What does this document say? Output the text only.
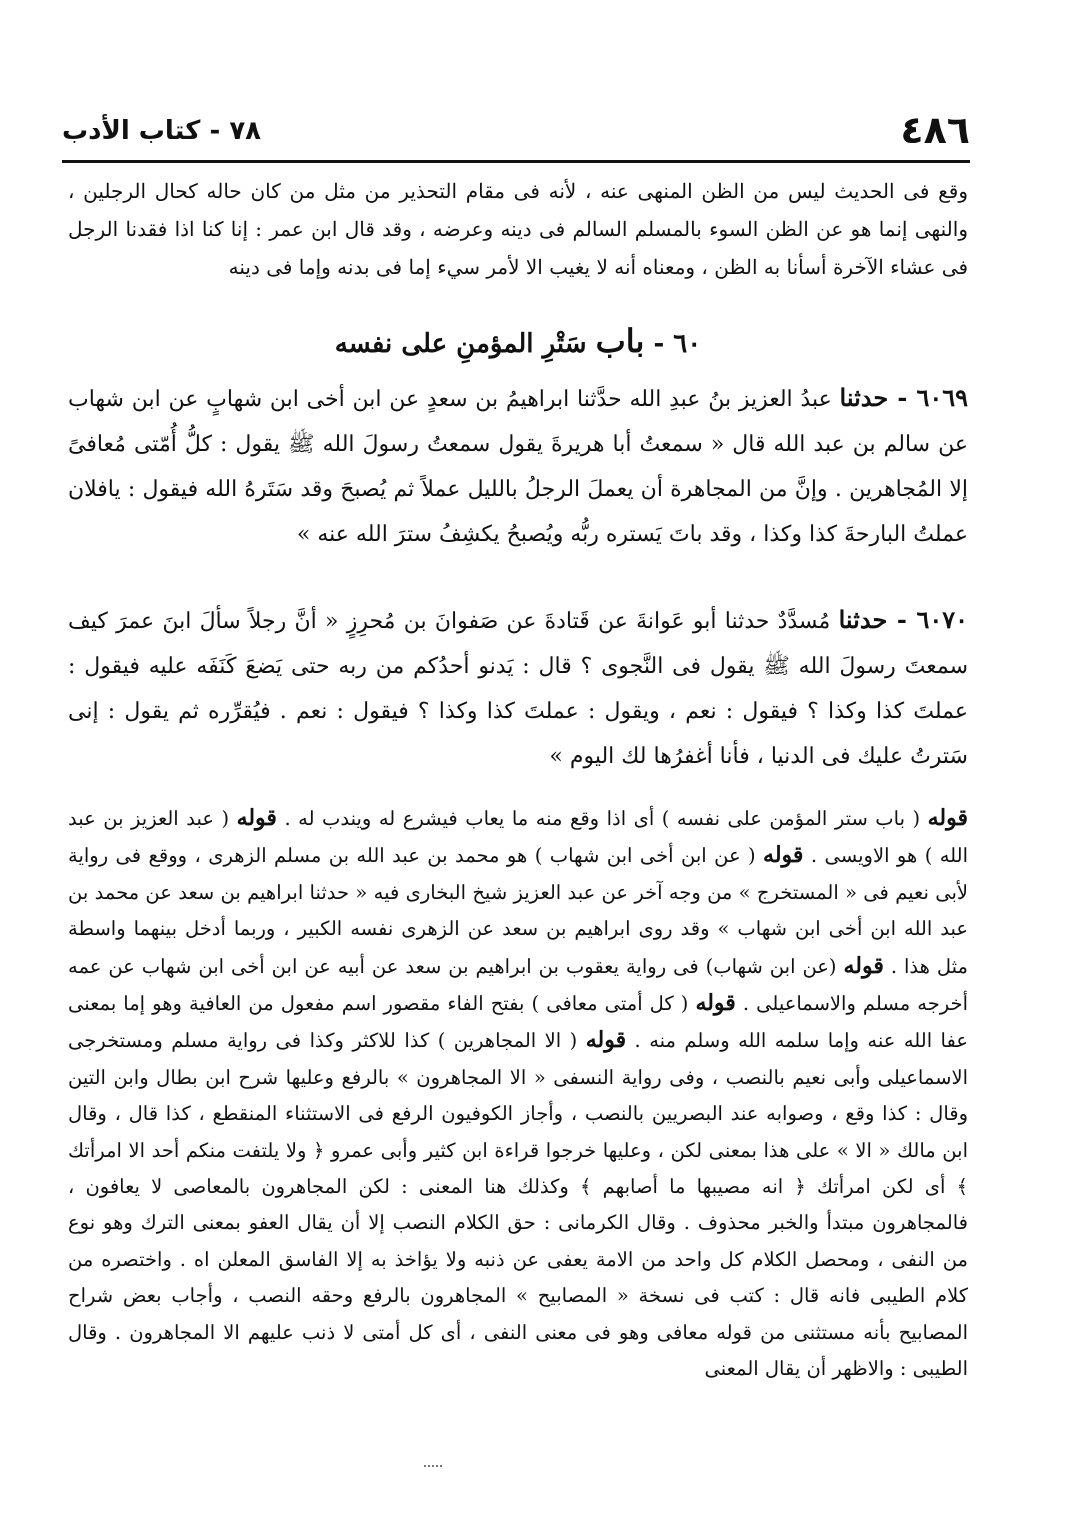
٤٨٦
٧٨ - كتاب الأدب
وقع فى الحديث ليس من الظن المنهى عنه ، لأنه فى مقام التحذير من مثل من كان حاله كحال الرجلين ، والنهى إنما هو عن الظن السوء بالمسلم السالم فى دينه وعرضه ، وقد قال ابن عمر : إنا كنا اذا فقدنا الرجل فى عشاء الآخرة أسأنا به الظن ، ومعناه أنه لا يغيب الا لأمر سيء إما فى بدنه وإما فى دينه
٦٠ - باب سَتْرِ المؤمنِ على نفسه
٦٠٦٩ - حدثنا عبدُ العزيز بنُ عبدِ الله حدَّثنا ابراهيمُ بن سعدٍ عن ابن أخى ابن شهابٍ عن ابن شهاب عن سالم بن عبد الله قال « سمعتُ أبا هريرةَ يقول سمعتُ رسولَ الله ﷺ يقول : كلُّ أُمّتى مُعافىً إلا المُجاهرين . وإنَّ من المجاهرة أن يعملَ الرجلُ بالليل عملاً ثم يُصبحَ وقد سَتَرهُ الله فيقول : يافلان عملتُ البارحةَ كذا وكذا ، وقد باتَ يَستره ربُّه ويُصبحُ يكشِفُ سترَ الله عنه »
٦٠٧٠ - حدثنا مُسدَّدٌ حدثنا أبو عَوانةَ عن قَتادةَ عن صَفوانَ بن مُحرِزٍ « أنَّ رجلاً سألَ ابنَ عمرَ كيف سمعتَ رسولَ الله ﷺ يقول فى النَّجوى ؟ قال : يَدنو أحدُكم من ربه حتى يَضعَ كَنَفَه عليه فيقول : عملتَ كذا وكذا ؟ فيقول : نعم ، ويقول : عملتَ كذا وكذا ؟ فيقول : نعم . فيُقرِّره ثم يقول : إنى سَترتُ عليك فى الدنيا ، فأنا أغفرُها لك اليوم »
قوله ( باب ستر المؤمن على نفسه ) أى اذا وقع منه ما يعاب فيشرع له ويندب له . قوله ( عبد العزيز بن عبد الله ) هو الاويسى . قوله ( عن ابن أخى ابن شهاب ) هو محمد بن عبد الله بن مسلم الزهرى ، ووقع فى رواية لأبى نعيم فى « المستخرج » من وجه آخر عن عبد العزيز شيخ البخارى فيه « حدثنا ابراهيم بن سعد عن محمد بن عبد الله ابن أخى ابن شهاب » وقد روى ابراهيم بن سعد عن الزهرى نفسه الكبير ، وربما أدخل بينهما واسطة مثل هذا . قوله (عن ابن شهاب) فى رواية يعقوب بن ابراهيم بن سعد عن أبيه عن ابن أخى ابن شهاب عن عمه أخرجه مسلم والاسماعيلى . قوله ( كل أمتى معافى ) بفتح الفاء مقصور اسم مفعول من العافية وهو إما بمعنى عفا الله عنه وإما سلمه الله وسلم منه . قوله ( الا المجاهرين ) كذا للاكثر وكذا فى رواية مسلم ومستخرجى الاسماعيلى وأبى نعيم بالنصب ، وفى رواية النسفى « الا المجاهرون » بالرفع وعليها شرح ابن بطال وابن التين وقال : كذا وقع ، وصوابه عند البصريين بالنصب ، وأجاز الكوفيون الرفع فى الاستثناء المنقطع ، كذا قال ، وقال ابن مالك « الا » على هذا بمعنى لكن ، وعليها خرجوا قراءة ابن كثير وأبى عمرو ﴿ ولا يلتفت منكم أحد الا امرأتك ﴾ أى لكن امرأتك ﴿ انه مصيبها ما أصابهم ﴾ وكذلك هنا المعنى : لكن المجاهرون بالمعاصى لا يعافون ، فالمجاهرون مبتدأ والخبر محذوف . وقال الكرمانى : حق الكلام النصب إلا أن يقال العفو بمعنى الترك وهو نوع من النفى ، ومحصل الكلام كل واحد من الامة يعفى عن ذنبه ولا يؤاخذ به إلا الفاسق المعلن اه . واختصره من كلام الطيبى فانه قال : كتب فى نسخة « المصابيح » المجاهرون بالرفع وحقه النصب ، وأجاب بعض شراح المصابيح بأنه مستثنى من قوله معافى وهو فى معنى النفى ، أى كل أمتى لا ذنب عليهم الا المجاهرون . وقال الطيبى : والاظهر أن يقال المعنى
